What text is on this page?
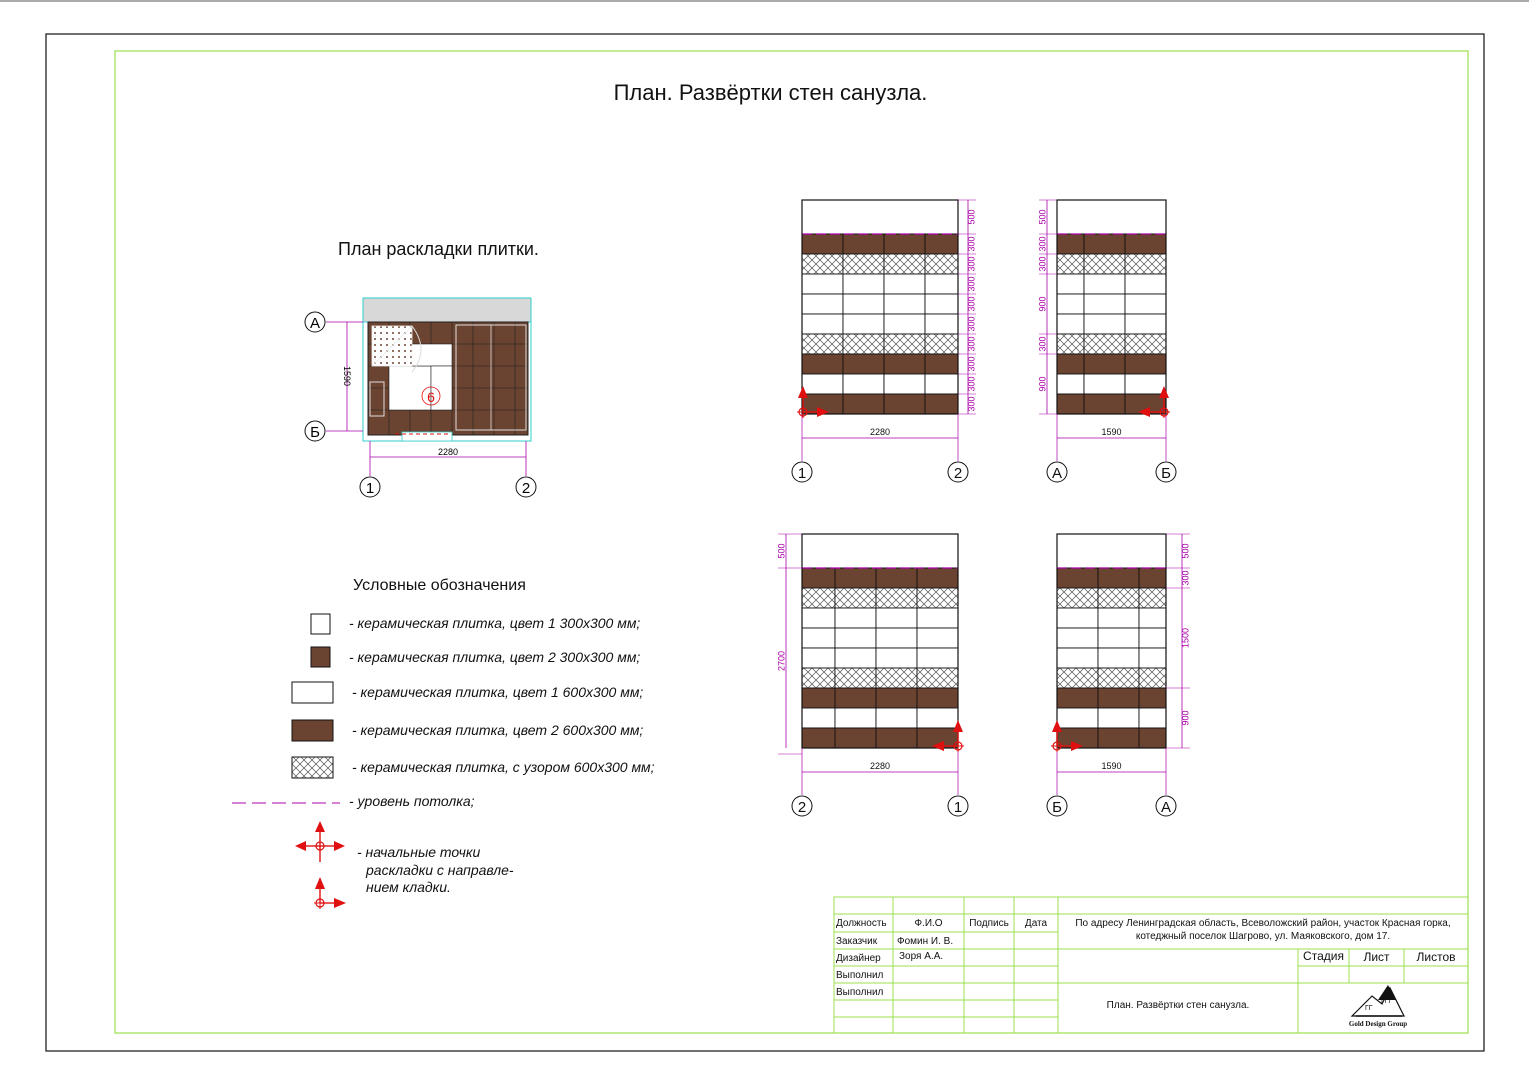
А
Б
1	2
2280
1590
6
500
300
300
300
300
300
300
300
300
300
2280
1	2
500
300
300
900
300
900
1590
А	Б
500
2700
2280
2	1
500
300
1500
900
1590
Б	А
ГГ
ГГГ
План. Развёртки стен санузла.
План раскладки плитки.
Условные обозначения
- керамическая плитка, цвет 1 300х300 мм;
- керамическая плитка, цвет 2 300х300 мм;
- керамическая плитка, цвет 1 600х300 мм;
- керамическая плитка, цвет 2 600х300 мм;
- керамическая плитка, с узором 600х300 мм;
- уровень потолка;
- начальные точки
раскладки с направле-
нием кладки.
Должность	Ф.И.О	Подпись	Дата
Заказчик Фомин И. В.
Дизайнер Зоря А.А.
Выполнил
Выполнил
По адресу Ленинградская область, Всеволожский район, участок Красная горка,
котеджный поселок Шагрово, ул. Маяковского, дом 17.
Стадия	Лист	Листов
План. Развёртки стен санузла.
Gold Design Group
